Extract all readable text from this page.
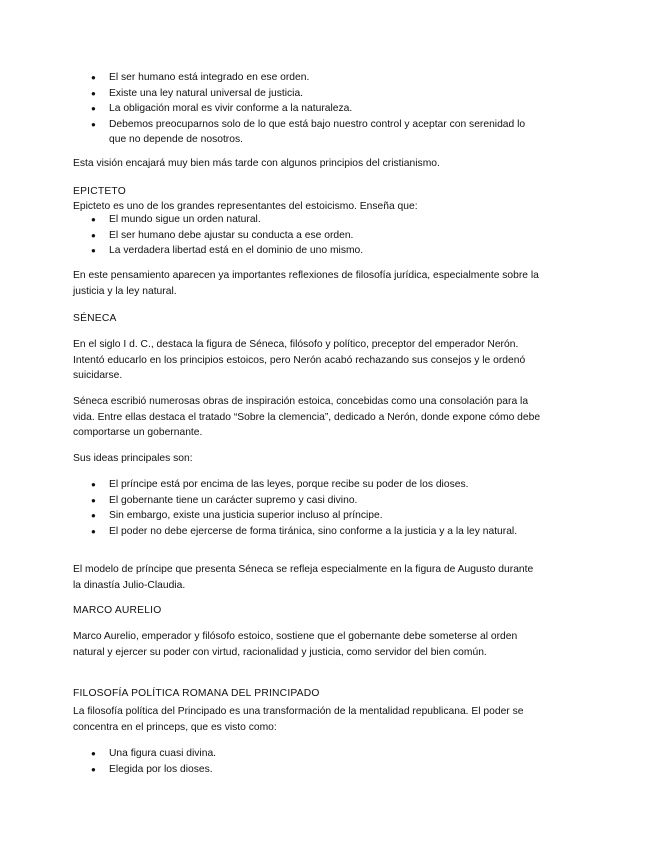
● El ser humano está integrado en ese orden.
● Existe una ley natural universal de justicia.
● La obligación moral es vivir conforme a la naturaleza.
● Debemos preocuparnos solo de lo que está bajo nuestro control y aceptar con serenidad lo que no depende de nosotros.

Esta visión encajará muy bien más tarde con algunos principios del cristianismo.

EPICTETO

Epicteto es uno de los grandes representantes del estoicismo. Enseña que:

● El mundo sigue un orden natural.
● El ser humano debe ajustar su conducta a ese orden.
● La verdadera libertad está en el dominio de uno mismo.

En este pensamiento aparecen ya importantes reflexiones de filosofía jurídica, especialmente sobre la justicia y la ley natural.

SÉNECA

En el siglo I d. C., destaca la figura de Séneca, filósofo y político, preceptor del emperador Nerón. Intentó educarlo en los principios estoicos, pero Nerón acabó rechazando sus consejos y le ordenó suicidarse.

Séneca escribió numerosas obras de inspiración estoica, concebidas como una consolación para la vida. Entre ellas destaca el tratado “Sobre la clemencia”, dedicado a Nerón, donde expone cómo debe comportarse un gobernante.

Sus ideas principales son:

● El príncipe está por encima de las leyes, porque recibe su poder de los dioses.
● El gobernante tiene un carácter supremo y casi divino.
● Sin embargo, existe una justicia superior incluso al príncipe.
● El poder no debe ejercerse de forma tiránica, sino conforme a la justicia y a la ley natural.

El modelo de príncipe que presenta Séneca se refleja especialmente en la figura de Augusto durante la dinastía Julio-Claudia.

MARCO AURELIO

Marco Aurelio, emperador y filósofo estoico, sostiene que el gobernante debe someterse al orden natural y ejercer su poder con virtud, racionalidad y justicia, como servidor del bien común.

FILOSOFÍA POLÍTICA ROMANA DEL PRINCIPADO

La filosofía política del Principado es una transformación de la mentalidad republicana. El poder se concentra en el princeps, que es visto como:

● Una figura cuasi divina.
● Elegida por los dioses.
